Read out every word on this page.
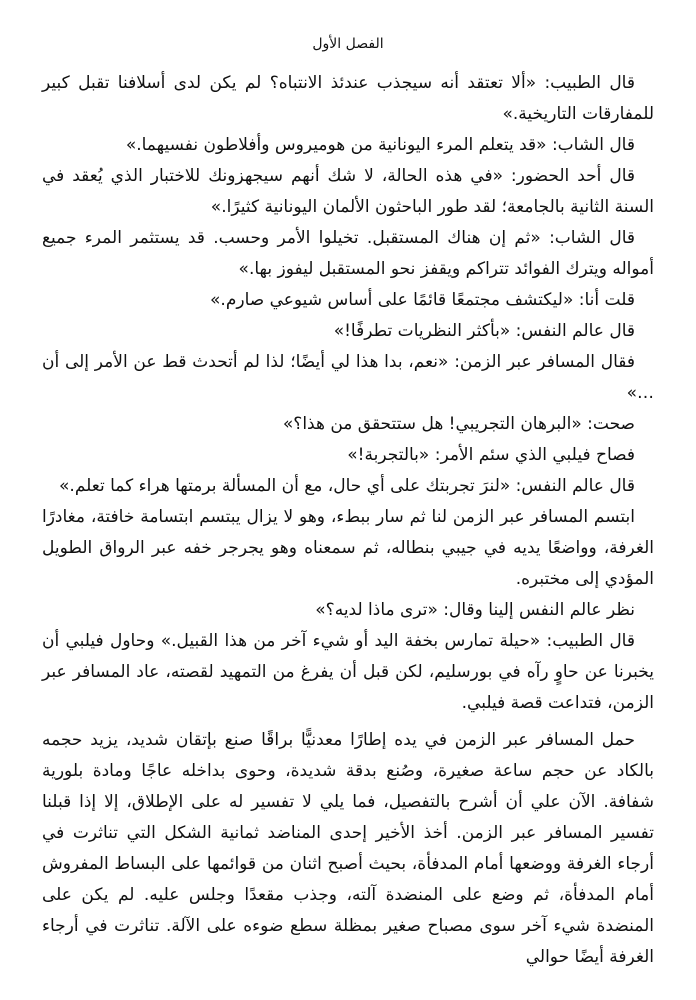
الفصل الأول

قال الطبيب: «ألا تعتقد أنه سيجذب عندئذ الانتباه؟ لم يكن لدى أسلافنا تقبل كبير للمفارقات التاريخية.»

قال الشاب: «قد يتعلم المرء اليونانية من هوميروس وأفلاطون نفسيهما.»

قال أحد الحضور: «في هذه الحالة، لا شك أنهم سيجهزونك للاختبار الذي يُعقد في السنة الثانية بالجامعة؛ لقد طور الباحثون الألمان اليونانية كثيرًا.»

قال الشاب: «ثم إن هناك المستقبل. تخيلوا الأمر وحسب. قد يستثمر المرء جميع أمواله ويترك الفوائد تتراكم ويقفز نحو المستقبل ليفوز بها.»

قلت أنا: «ليكتشف مجتمعًا قائمًا على أساس شيوعي صارم.»

قال عالم النفس: «بأكثر النظريات تطرفًا!»

فقال المسافر عبر الزمن: «نعم، بدا هذا لي أيضًا؛ لذا لم أتحدث قط عن الأمر إلى أن …»

صحت: «البرهان التجريبي! هل ستتحقق من هذا؟»

فصاح فيلبي الذي سئم الأمر: «بالتجربة!»

قال عالم النفس: «لنرَ تجربتك على أي حال، مع أن المسألة برمتها هراء كما تعلم.»

ابتسم المسافر عبر الزمن لنا ثم سار ببطء، وهو لا يزال يبتسم ابتسامة خافتة، مغادرًا الغرفة، وواضعًا يديه في جيبي بنطاله، ثم سمعناه وهو يجرجر خفه عبر الرواق الطويل المؤدي إلى مختبره.

نظر عالم النفس إلينا وقال: «ترى ماذا لديه؟»

قال الطبيب: «حيلة تمارس بخفة اليد أو شيء آخر من هذا القبيل.» وحاول فيلبي أن يخبرنا عن حاوٍ رآه في بورسليم، لكن قبل أن يفرغ من التمهيد لقصته، عاد المسافر عبر الزمن، فتداعت قصة فيلبي.

حمل المسافر عبر الزمن في يده إطارًا معدنيًّا براقًا صنع بإتقان شديد، يزيد حجمه بالكاد عن حجم ساعة صغيرة، وصُنع بدقة شديدة، وحوى بداخله عاجًا ومادة بلورية شفافة. الآن علي أن أشرح بالتفصيل، فما يلي لا تفسير له على الإطلاق، إلا إذا قبلنا تفسير المسافر عبر الزمن. أخذ الأخير إحدى المناضد ثمانية الشكل التي تناثرت في أرجاء الغرفة ووضعها أمام المدفأة، بحيث أصبح اثنان من قوائمها على البساط المفروش أمام المدفأة، ثم وضع على المنضدة آلته، وجذب مقعدًا وجلس عليه. لم يكن على المنضدة شيء آخر سوى مصباح صغير بمظلة سطع ضوءه على الآلة. تناثرت في أرجاء الغرفة أيضًا حوالي
